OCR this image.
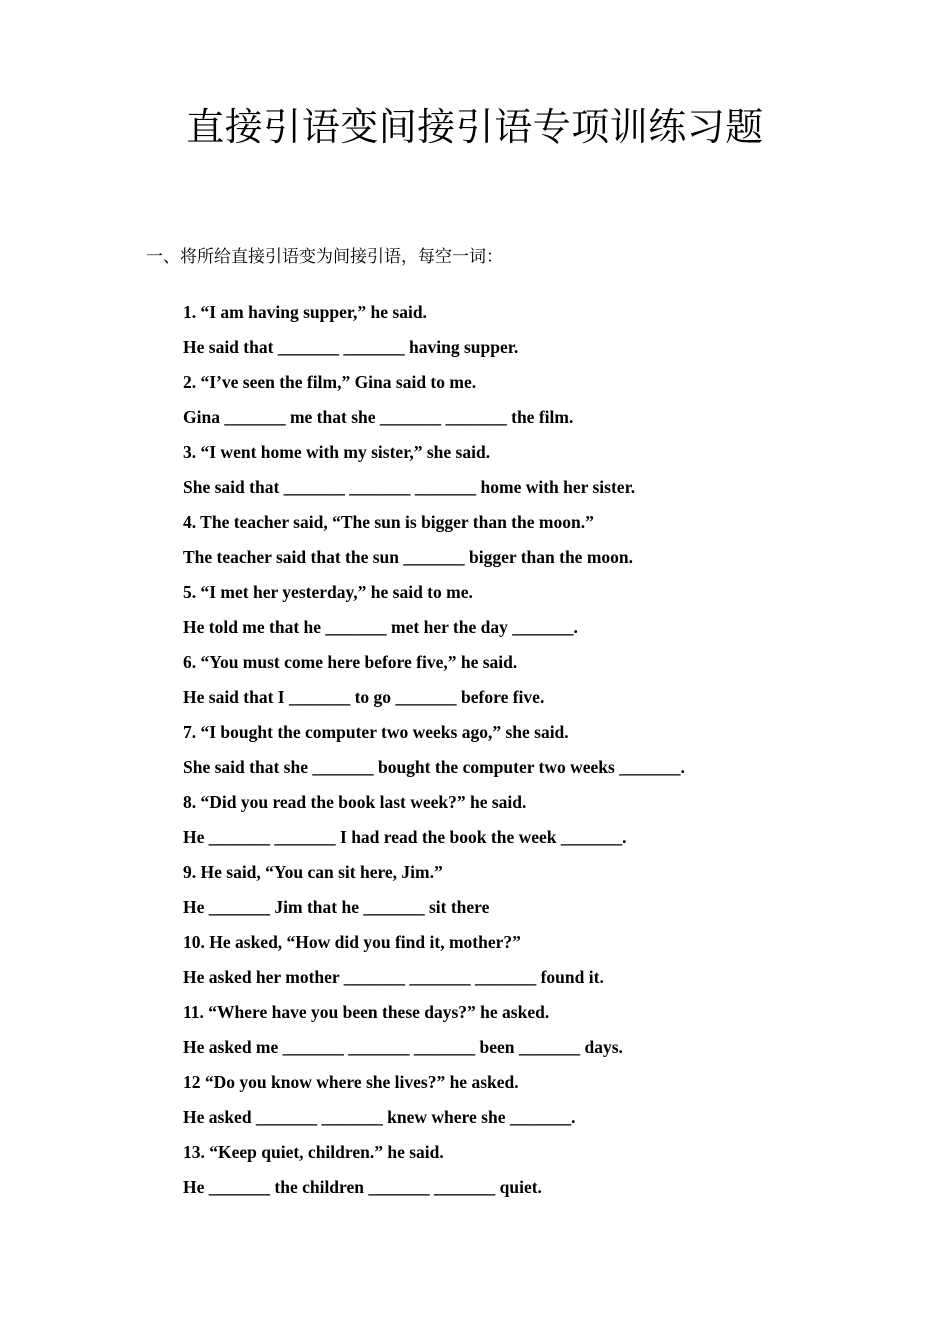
直接引语变间接引语专项训练习题
一、将所给直接引语变为间接引语，每空一词：
1. “I am having supper,” he said.
He said that _______ _______ having supper.
2. “I’ve seen the film,” Gina said to me.
Gina _______ me that she _______ _______ the film.
3. “I went home with my sister,” she said.
She said that _______ _______ _______ home with her sister.
4. The teacher said, “The sun is bigger than the moon.”
The teacher said that the sun _______ bigger than the moon.
5. “I met her yesterday,” he said to me.
He told me that he _______ met her the day _______.
6. “You must come here before five,” he said.
He said that I _______ to go _______ before five.
7. “I bought the computer two weeks ago,” she said.
She said that she _______ bought the computer two weeks _______.
8. “Did you read the book last week?” he said.
He _______ _______ I had read the book the week _______.
9. He said, “You can sit here, Jim.”
He _______ Jim that he _______ sit there
10. He asked, “How did you find it, mother?”
He asked her mother _______ _______ _______ found it.
11. “Where have you been these days?” he asked.
He asked me _______ _______ _______ been _______ days.
12 “Do you know where she lives?” he asked.
He asked _______ _______ knew where she _______.
13. “Keep quiet, children.” he said.
He _______ the children _______ _______ quiet.
